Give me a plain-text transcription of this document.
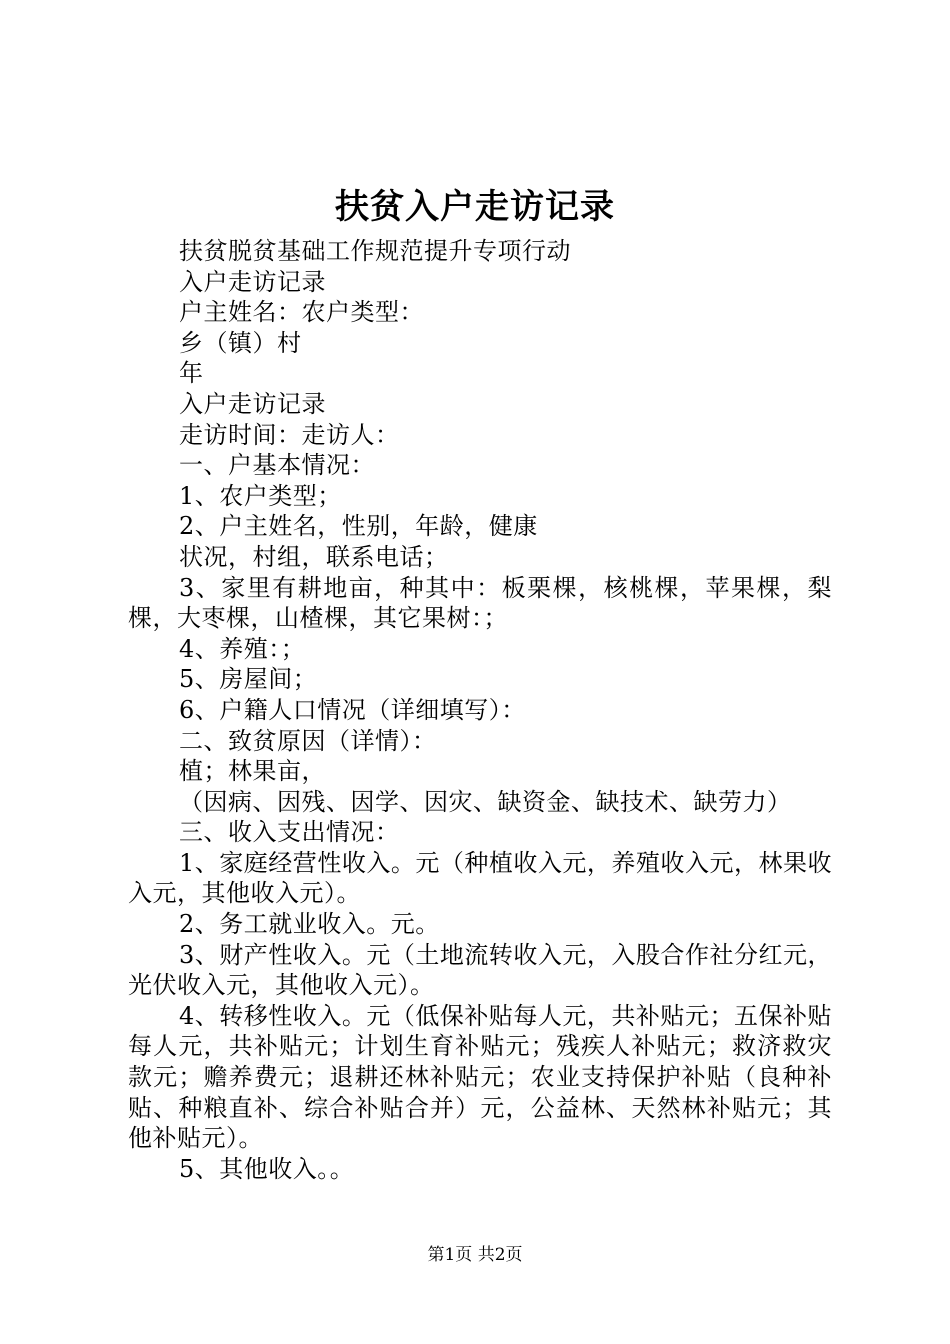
扶贫入户走访记录

扶贫脱贫基础工作规范提升专项行动

入户走访记录

户主姓名：农户类型：

乡（镇）村

年

入户走访记录

走访时间：走访人：

一、户基本情况：

1、农户类型；

2、户主姓名，性别，年龄，健康

状况，村组，联系电话；

3、家里有耕地亩，种其中：板栗棵，核桃棵，苹果棵，梨棵，大枣棵，山楂棵，其它果树：；

4、养殖：；

5、房屋间；

6、户籍人口情况（详细填写）：

二、致贫原因（详情）：

植；林果亩，

（因病、因残、因学、因灾、缺资金、缺技术、缺劳力）

三、收入支出情况：

1、家庭经营性收入。元（种植收入元，养殖收入元，林果收入元，其他收入元）。

2、务工就业收入。元。

3、财产性收入。元（土地流转收入元，入股合作社分红元，光伏收入元，其他收入元）。

4、转移性收入。元（低保补贴每人元，共补贴元；五保补贴每人元，共补贴元；计划生育补贴元；残疾人补贴元；救济救灾款元；赡养费元；退耕还林补贴元；农业支持保护补贴（良种补贴、种粮直补、综合补贴合并）元，公益林、天然林补贴元；其他补贴元）。

5、其他收入。。

第1页 共2页
